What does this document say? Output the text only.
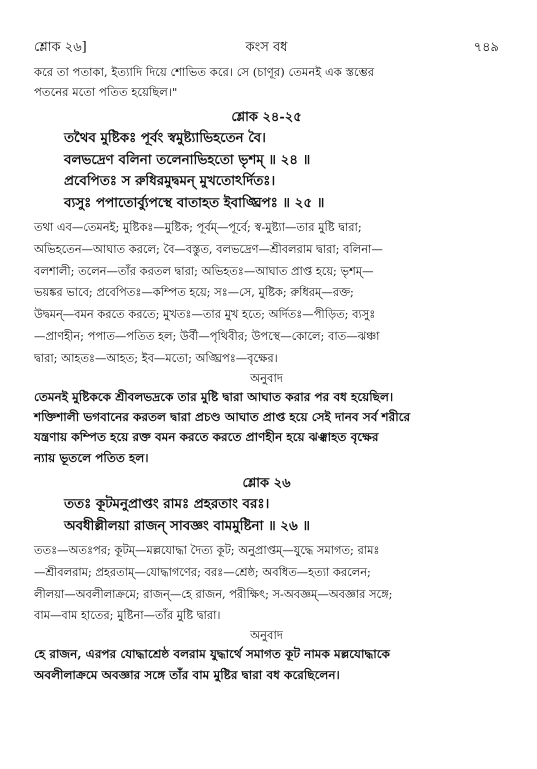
শ্লোক ২৬]	কংস বধ	৭৪৯

করে তা পতাকা, ইত্যাদি দিয়ে শোভিত করে। সে (চাণূর) তেমনই এক স্তম্ভের

পতনের মতো পতিত হয়েছিল।"

শ্লোক ২৪-২৫

তথৈব মুষ্টিকঃ পূর্বং স্বমুষ্ট্যাভিহতেন বৈ।

বলভদ্রেণ বলিনা তলেনাভিহতো ভৃশম্ ॥ ২৪ ॥

প্রবেপিতঃ স রুধিরমুদ্বমন্ মুখতোঽর্দিতঃ।

ব্যসুঃ পপাতোর্ব্যুপস্থে বাতাহত ইবাঙ্ঘ্রিপঃ ॥ ২৫ ॥

তথা এব—তেমনই; মুষ্টিকঃ—মুষ্টিক; পূর্বম্—পূর্বে; স্ব-মুষ্ট্যা—তার মুষ্টি দ্বারা;

অভিহতেন—আঘাত করলে; বৈ—বস্তুত, বলভদ্রেণ—শ্রীবলরাম দ্বারা; বলিনা—

বলশালী; তলেন—তাঁর করতল দ্বারা; অভিহতঃ—আঘাত প্রাপ্ত হয়ে; ভৃশম্—

ভয়ঙ্কর ভাবে; প্রবেপিতঃ—কম্পিত হয়ে; সঃ—সে, মুষ্টিক; রুধিরম্—রক্ত;

উদ্বমন্—বমন করতে করতে; মুখতঃ—তার মুখ হতে; অর্দিতঃ—পীড়িত; ব্যসুঃ

—প্রাণহীন; পপাত—পতিত হল; উর্বী—পৃথিবীর; উপস্থে—কোলে; বাত—ঝঞ্চা

দ্বারা; আহতঃ—আহত; ইব—মতো; অঙ্ঘ্রিপঃ—বৃক্ষের।

অনুবাদ

তেমনই মুষ্টিককে শ্রীবলভদ্রকে তার মুষ্টি দ্বারা আঘাত করার পর বধ হয়েছিল।

শক্তিশালী ভগবানের করতল দ্বারা প্রচণ্ড আঘাত প্রাপ্ত হয়ে সেই দানব সর্ব শরীরে

যন্ত্রণায় কম্পিত হয়ে রক্ত বমন করতে করতে প্রাণহীন হয়ে ঝঞ্ঝাহত বৃক্ষের

ন্যায় ভূতলে পতিত হল।

শ্লোক ২৬

ততঃ কূটমনুপ্রাপ্তং রামঃ প্রহরতাং বরঃ।

অবধীল্লীলয়া রাজন্ সাবজ্ঞং বামমুষ্টিনা ॥ ২৬ ॥

ততঃ—অতঃপর; কূটম্—মল্লযোদ্ধা দৈত্য কূট; অনুপ্রাপ্তম্—যুদ্ধে সমাগত; রামঃ

—শ্রীবলরাম; প্রহরতাম্—যোদ্ধাগণের; বরঃ—শ্রেষ্ঠ; অবধিত—হত্যা করলেন;

লীলয়া—অবলীলাক্রমে; রাজন্—হে রাজন, পরীক্ষিৎ; স-অবজ্ঞম্—অবজ্ঞার সঙ্গে;

বাম—বাম হাতের; মুষ্টিনা—তাঁর মুষ্টি দ্বারা।

অনুবাদ

হে রাজন, এরপর যোদ্ধাশ্রেষ্ঠ বলরাম যুদ্ধার্থে সমাগত কূট নামক মল্লযোদ্ধাকে

অবলীলাক্রমে অবজ্ঞার সঙ্গে তাঁর বাম মুষ্টির দ্বারা বধ করেছিলেন।
